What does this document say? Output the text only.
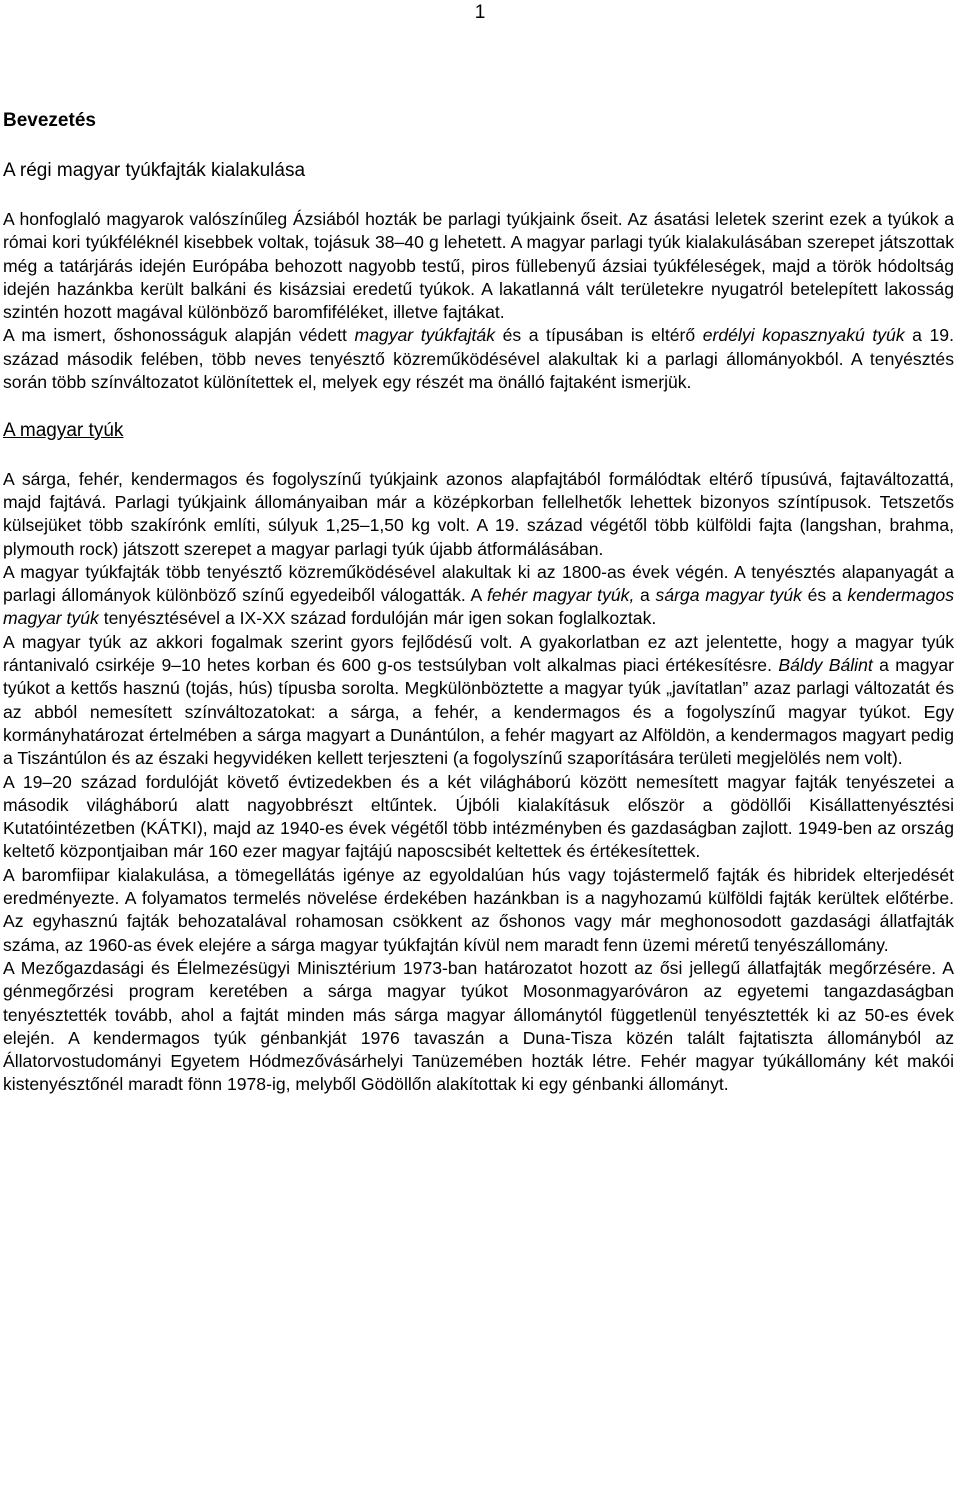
1
Bevezetés
A régi magyar tyúkfajták kialakulása

A honfoglaló magyarok valószínűleg Ázsiából hozták be parlagi tyúkjaink őseit. Az ásatási leletek szerint ezek a tyúkok a római kori tyúkféléknél kisebbek voltak, tojásuk 38–40 g lehetett. A magyar parlagi tyúk kialakulásában szerepet játszottak még a tatárjárás idején Európába behozott nagyobb testű, piros füllebenyű ázsiai tyúkféleségek, majd a török hódoltság idején hazánkba került balkáni és kisázsiai eredetű tyúkok. A lakatlanná vált területekre nyugatról betelepített lakosság szintén hozott magával különböző baromfiféléket, illetve fajtákat.

A ma ismert, őshonosságuk alapján védett magyar tyúkfajták és a típusában is eltérő erdélyi kopasznyakú tyúk a 19. század második felében, több neves tenyésztő közreműködésével alakultak ki a parlagi állományokból. A tenyésztés során több színváltozatot különítettek el, melyek egy részét ma önálló fajtaként ismerjük.

A magyar tyúk

A sárga, fehér, kendermagos és fogolyszínű tyúkjaink azonos alapfajtából formálódtak eltérő típusúvá, fajtaváltozattá, majd fajtává. Parlagi tyúkjaink állományaiban már a középkorban fellelhetők lehettek bizonyos színtípusok. Tetszetős külsejüket több szakírónk említi, súlyuk 1,25–1,50 kg volt. A 19. század végétől több külföldi fajta (langshan, brahma, plymouth rock) játszott szerepet a magyar parlagi tyúk újabb átformálásában.

A magyar tyúkfajták több tenyésztő közreműködésével alakultak ki az 1800-as évek végén. A tenyésztés alapanyagát a parlagi állományok különböző színű egyedeiből válogatták. A fehér magyar tyúk, a sárga magyar tyúk és a kendermagos magyar tyúk tenyésztésével a IX-XX század fordulóján már igen sokan foglalkoztak.

A magyar tyúk az akkori fogalmak szerint gyors fejlődésű volt. A gyakorlatban ez azt jelentette, hogy a magyar tyúk rántanivaló csirkéje 9–10 hetes korban és 600 g-os testsúlyban volt alkalmas piaci értékesítésre. Báldy Bálint a magyar tyúkot a kettős hasznú (tojás, hús) típusba sorolta. Megkülönböztette a magyar tyúk „javítatlan” azaz parlagi változatát és az abból nemesített színváltozatokat: a sárga, a fehér, a kendermagos és a fogolyszínű magyar tyúkot. Egy kormányhatározat értelmében a sárga magyart a Dunántúlon, a fehér magyart az Alföldön, a kendermagos magyart pedig a Tiszántúlon és az északi hegyvidéken kellett terjeszteni (a fogolyszínű szaporítására területi megjelölés nem volt).

A 19–20 század fordulóját követő évtizedekben és a két világháború között nemesített magyar fajták tenyészetei a második világháború alatt nagyobbrészt eltűntek. Újbóli kialakításuk először a gödöllői Kisállattenyésztési Kutatóintézetben (KÁTKI), majd az 1940-es évek végétől több intézményben és gazdaságban zajlott. 1949-ben az ország keltető központjaiban már 160 ezer magyar fajtájú naposcsibét keltettek és értékesítettek.

A baromfiipar kialakulása, a tömegellátás igénye az egyoldalúan hús vagy tojástermelő fajták és hibridek elterjedését eredményezte. A folyamatos termelés növelése érdekében hazánkban is a nagyhozamú külföldi fajták kerültek előtérbe. Az egyhasznú fajták behozatalával rohamosan csökkent az őshonos vagy már meghonosodott gazdasági állatfajták száma, az 1960-as évek elejére a sárga magyar tyúkfajtán kívül nem maradt fenn üzemi méretű tenyészállomány.

A Mezőgazdasági és Élelmezésügyi Minisztérium 1973-ban határozatot hozott az ősi jellegű állatfajták megőrzésére. A génmegőrzési program keretében a sárga magyar tyúkot Mosonmagyaróváron az egyetemi tangazdaságban tenyésztették tovább, ahol a fajtát minden más sárga magyar állománytól függetlenül tenyésztették ki az 50-es évek elején. A kendermagos tyúk génbankját 1976 tavaszán a Duna-Tisza közén talált fajtatiszta állományból az Állatorvostudományi Egyetem Hódmezővásárhelyi Tanüzemében hozták létre. Fehér magyar tyúkállomány két makói kistenyésztőnél maradt fönn 1978-ig, melyből Gödöllőn alakítottak ki egy génbanki állományt.
